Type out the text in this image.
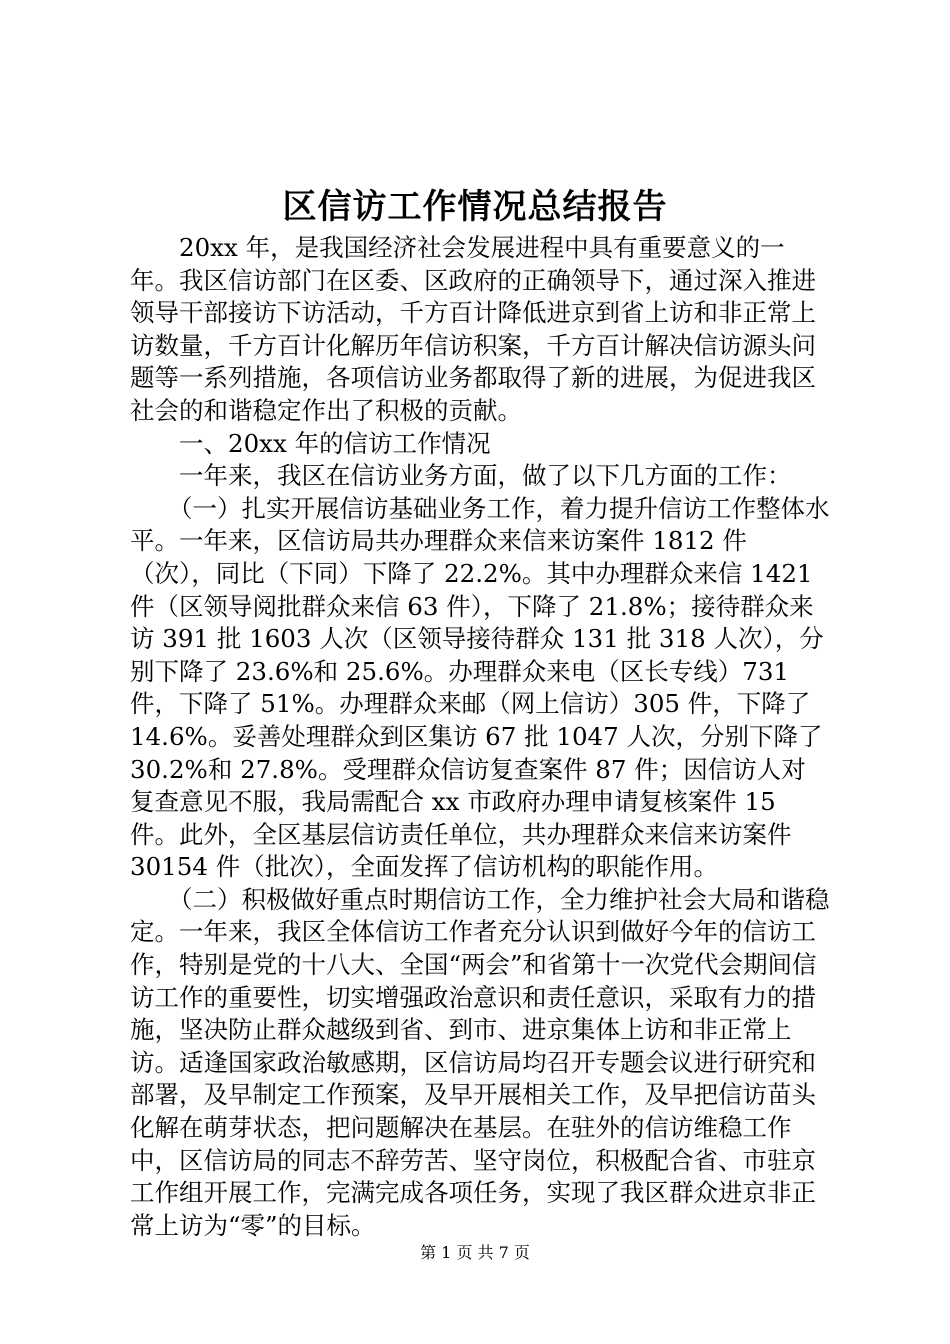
区信访工作情况总结报告

20xx 年，是我国经济社会发展进程中具有重要意义的一年。我区信访部门在区委、区政府的正确领导下，通过深入推进领导干部接访下访活动，千方百计降低进京到省上访和非正常上访数量，千方百计化解历年信访积案，千方百计解决信访源头问题等一系列措施，各项信访业务都取得了新的进展，为促进我区社会的和谐稳定作出了积极的贡献。

一、20xx 年的信访工作情况

一年来，我区在信访业务方面，做了以下几方面的工作：

（一）扎实开展信访基础业务工作，着力提升信访工作整体水平。一年来，区信访局共办理群众来信来访案件 1812 件（次），同比（下同）下降了 22.2%。其中办理群众来信 1421 件（区领导阅批群众来信 63 件），下降了 21.8%；接待群众来访 391 批 1603 人次（区领导接待群众 131 批 318 人次），分别下降了 23.6%和 25.6%。办理群众来电（区长专线）731 件，下降了 51%。办理群众来邮（网上信访）305 件，下降了 14.6%。妥善处理群众到区集访 67 批 1047 人次，分别下降了 30.2%和 27.8%。受理群众信访复查案件 87 件；因信访人对复查意见不服，我局需配合 xx 市政府办理申请复核案件 15 件。此外，全区基层信访责任单位，共办理群众来信来访案件 30154 件（批次），全面发挥了信访机构的职能作用。

（二）积极做好重点时期信访工作，全力维护社会大局和谐稳定。一年来，我区全体信访工作者充分认识到做好今年的信访工作，特别是党的十八大、全国“两会”和省第十一次党代会期间信访工作的重要性，切实增强政治意识和责任意识，采取有力的措施，坚决防止群众越级到省、到市、进京集体上访和非正常上访。适逢国家政治敏感期，区信访局均召开专题会议进行研究和部署，及早制定工作预案，及早开展相关工作，及早把信访苗头化解在萌芽状态，把问题解决在基层。在驻外的信访维稳工作中，区信访局的同志不辞劳苦、坚守岗位，积极配合省、市驻京工作组开展工作，完满完成各项任务，实现了我区群众进京非正常上访为“零”的目标。

第 1 页 共 7 页
